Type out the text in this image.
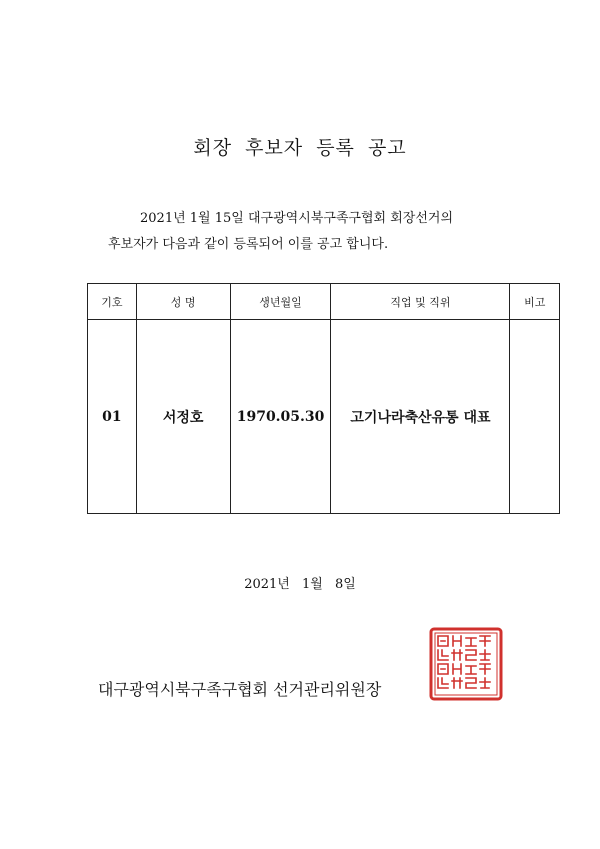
회장 후보자 등록 공고
2021년 1월 15일 대구광역시북구족구협회 회장선거의
후보자가 다음과 같이 등록되어 이를 공고 합니다.
기호	성 명	생년월일	직업 및 직위	비고
01	서정호	1970.05.30	고기나라축산유통 대표	
2021년 1월 8일
대구광역시북구족구협회 선거관리위원장
